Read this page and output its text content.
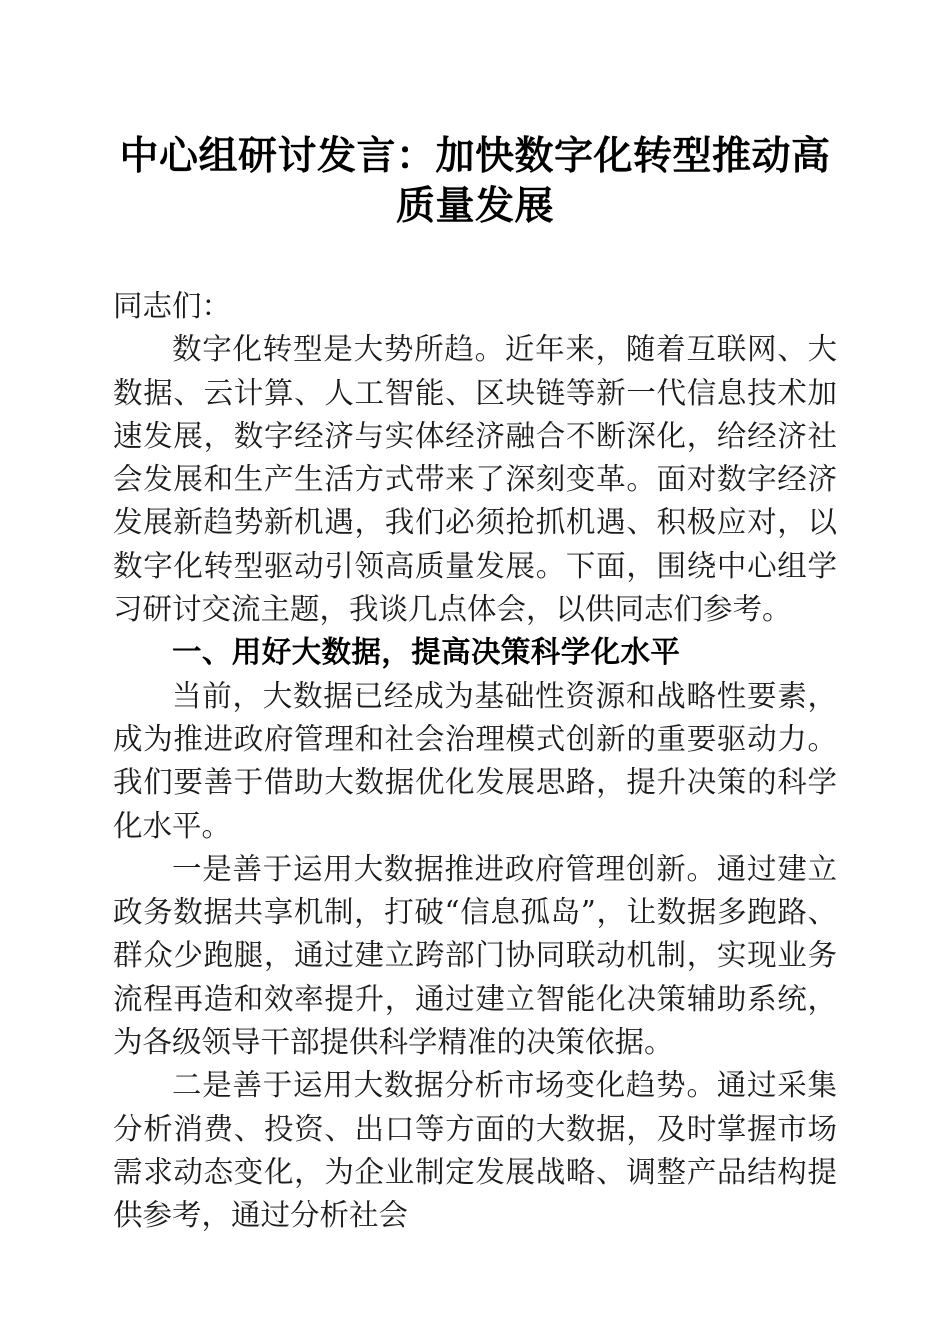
中心组研讨发言：加快数字化转型推动高质量发展

同志们：

数字化转型是大势所趋。近年来，随着互联网、大数据、云计算、人工智能、区块链等新一代信息技术加速发展，数字经济与实体经济融合不断深化，给经济社会发展和生产生活方式带来了深刻变革。面对数字经济发展新趋势新机遇，我们必须抢抓机遇、积极应对，以数字化转型驱动引领高质量发展。下面，围绕中心组学习研讨交流主题，我谈几点体会，以供同志们参考。

一、用好大数据，提高决策科学化水平

当前，大数据已经成为基础性资源和战略性要素，成为推进政府管理和社会治理模式创新的重要驱动力。我们要善于借助大数据优化发展思路，提升决策的科学化水平。

一是善于运用大数据推进政府管理创新。通过建立政务数据共享机制，打破“信息孤岛”，让数据多跑路、群众少跑腿，通过建立跨部门协同联动机制，实现业务流程再造和效率提升，通过建立智能化决策辅助系统，为各级领导干部提供科学精准的决策依据。

二是善于运用大数据分析市场变化趋势。通过采集分析消费、投资、出口等方面的大数据，及时掌握市场需求动态变化，为企业制定发展战略、调整产品结构提供参考，通过分析社会
